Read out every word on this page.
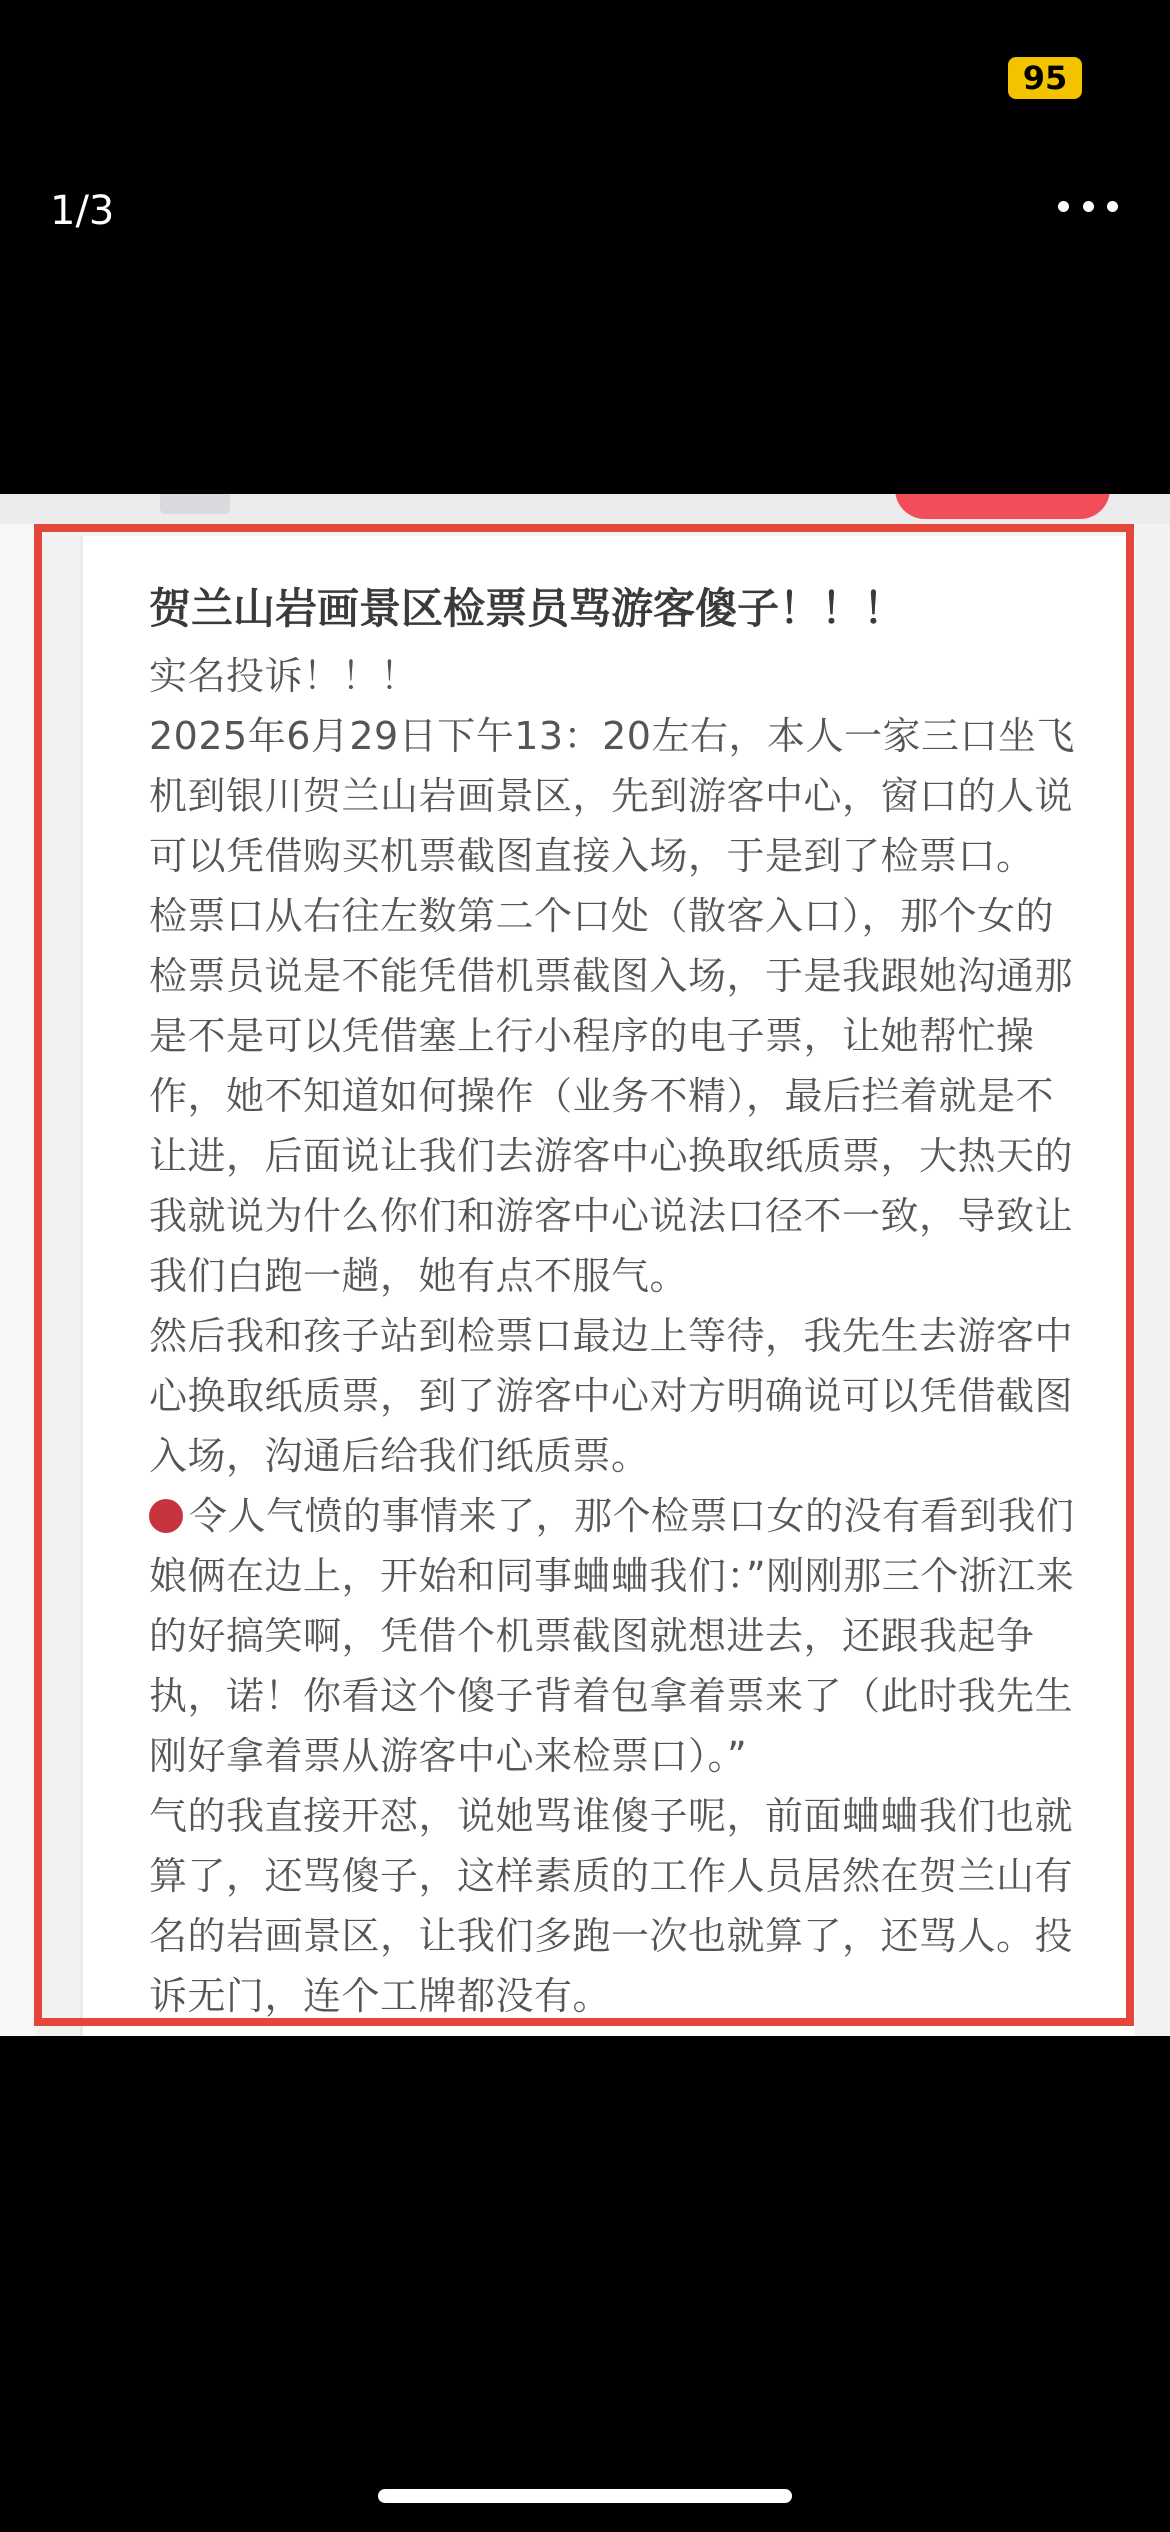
95
1/3
贺兰山岩画景区检票员骂游客傻子！！！
实名投诉！！！
2025年6月29日下午13：20左右，本人一家三口坐飞
机到银川贺兰山岩画景区，先到游客中心，窗口的人说
可以凭借购买机票截图直接入场，于是到了检票口。
检票口从右往左数第二个口处（散客入口），那个女的
检票员说是不能凭借机票截图入场，于是我跟她沟通那
是不是可以凭借塞上行小程序的电子票，让她帮忙操
作，她不知道如何操作（业务不精），最后拦着就是不
让进，后面说让我们去游客中心换取纸质票，大热天的
我就说为什么你们和游客中心说法口径不一致，导致让
我们白跑一趟，她有点不服气。
然后我和孩子站到检票口最边上等待，我先生去游客中
心换取纸质票，到了游客中心对方明确说可以凭借截图
入场，沟通后给我们纸质票。
令人气愤的事情来了，那个检票口女的没有看到我们
娘俩在边上，开始和同事蛐蛐我们：”刚刚那三个浙江来
的好搞笑啊，凭借个机票截图就想进去，还跟我起争
执，诺！你看这个傻子背着包拿着票来了（此时我先生
刚好拿着票从游客中心来检票口）。”
气的我直接开怼，说她骂谁傻子呢，前面蛐蛐我们也就
算了，还骂傻子，这样素质的工作人员居然在贺兰山有
名的岩画景区，让我们多跑一次也就算了，还骂人。投
诉无门，连个工牌都没有。
